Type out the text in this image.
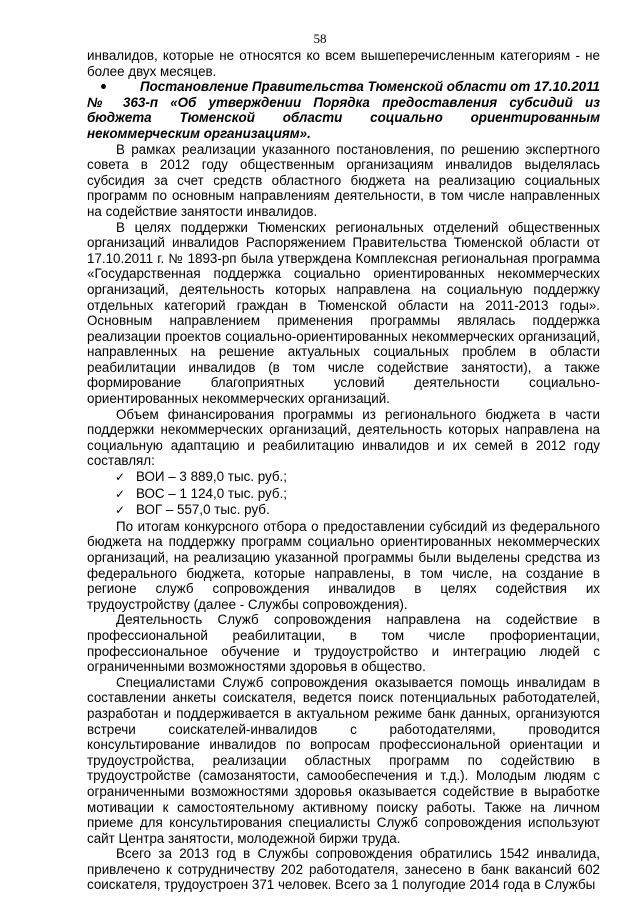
58

инвалидов, которые не относятся ко всем вышеперечисленным категориям - не более двух месяцев.

Постановление Правительства Тюменской области от 17.10.2011 № 363-п «Об утверждении Порядка предоставления субсидий из бюджета Тюменской области социально ориентированным некоммерческим организациям».

В рамках реализации указанного постановления, по решению экспертного совета в 2012 году общественным организациям инвалидов выделялась субсидия за счет средств областного бюджета на реализацию социальных программ по основным направлениям деятельности, в том числе направленных на содействие занятости инвалидов.

В целях поддержки Тюменских региональных отделений общественных организаций инвалидов Распоряжением Правительства Тюменской области от 17.10.2011 г. № 1893-рп была утверждена Комплексная региональная программа «Государственная поддержка социально ориентированных некоммерческих организаций, деятельность которых направлена на социальную поддержку отдельных категорий граждан в Тюменской области на 2011-2013 годы». Основным направлением применения программы являлась поддержка реализации проектов социально-ориентированных некоммерческих организаций, направленных на решение актуальных социальных проблем в области реабилитации инвалидов (в том числе содействие занятости), а также формирование благоприятных условий деятельности социально-ориентированных некоммерческих организаций.

Объем финансирования программы из регионального бюджета в части поддержки некоммерческих организаций, деятельность которых направлена на социальную адаптацию и реабилитацию инвалидов и их семей в 2012 году составлял:

✓ ВОИ – 3 889,0 тыс. руб.;
✓ ВОС – 1 124,0 тыс. руб.;
✓ ВОГ – 557,0 тыс. руб.

По итогам конкурсного отбора о предоставлении субсидий из федерального бюджета на поддержку программ социально ориентированных некоммерческих организаций, на реализацию указанной программы были выделены средства из федерального бюджета, которые направлены, в том числе, на создание в регионе служб сопровождения инвалидов в целях содействия их трудоустройству (далее - Службы сопровождения).

Деятельность Служб сопровождения направлена на содействие в профессиональной реабилитации, в том числе профориентации, профессиональное обучение и трудоустройство и интеграцию людей с ограниченными возможностями здоровья в общество.

Специалистами Служб сопровождения оказывается помощь инвалидам в составлении анкеты соискателя, ведется поиск потенциальных работодателей, разработан и поддерживается в актуальном режиме банк данных, организуются встречи соискателей-инвалидов с работодателями, проводится консультирование инвалидов по вопросам профессиональной ориентации и трудоустройства, реализации областных программ по содействию в трудоустройстве (самозанятости, самообеспечения и т.д.). Молодым людям с ограниченными возможностями здоровья оказывается содействие в выработке мотивации к самостоятельному активному поиску работы. Также на личном приеме для консультирования специалисты Служб сопровождения используют сайт Центра занятости, молодежной биржи труда.

Всего за 2013 год в Службы сопровождения обратились 1542 инвалида, привлечено к сотрудничеству 202 работодателя, занесено в банк вакансий 602 соискателя, трудоустроен 371 человек. Всего за 1 полугодие 2014 года в Службы
